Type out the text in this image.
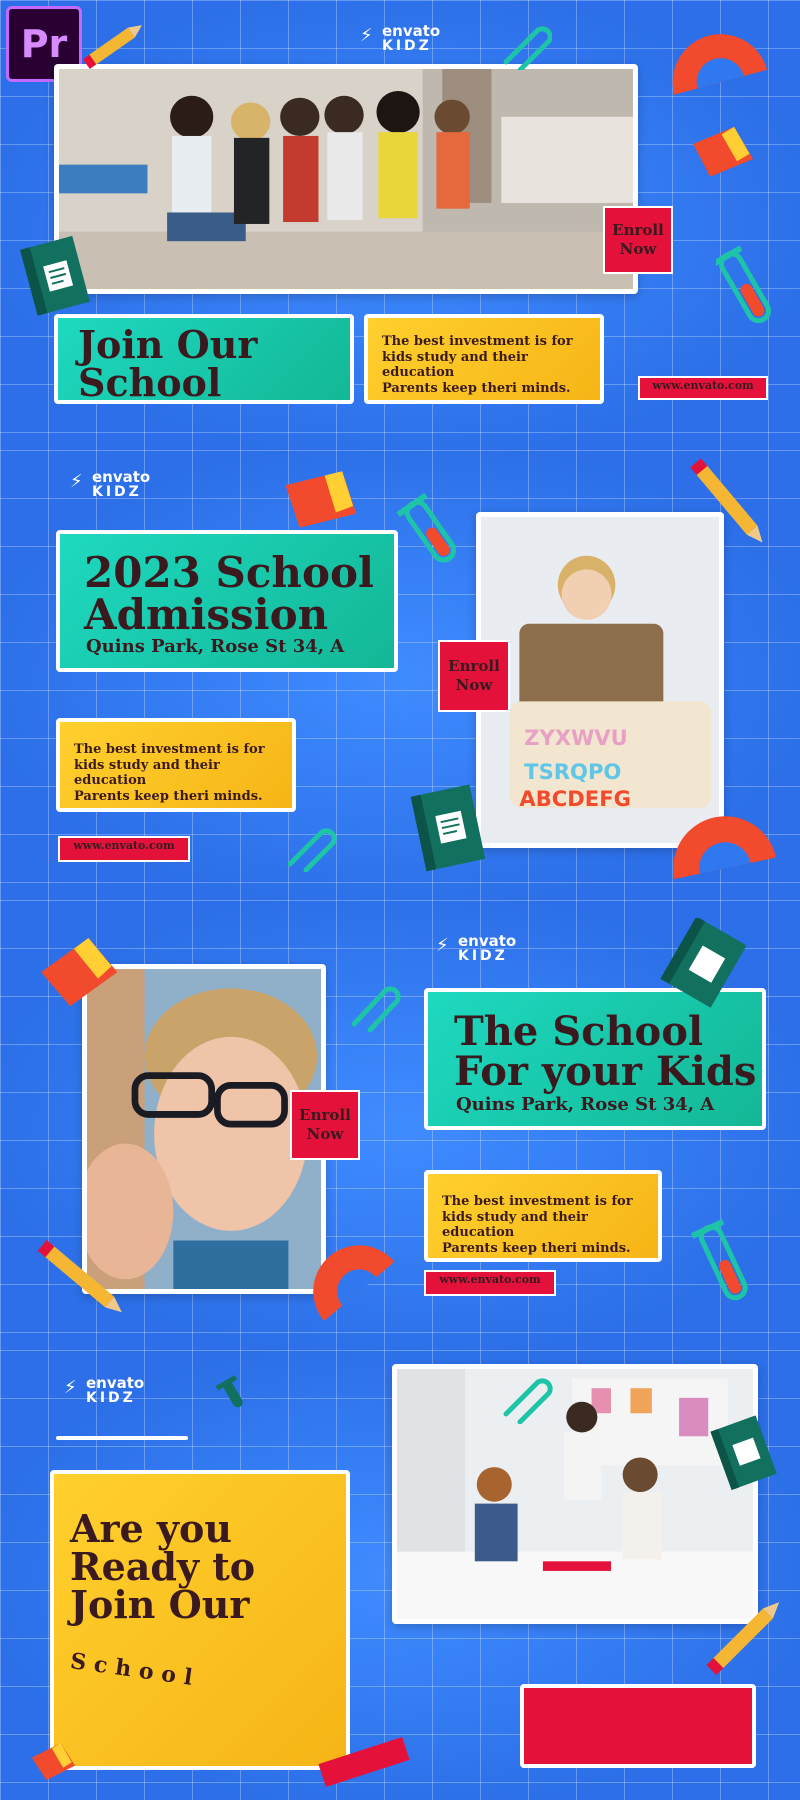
Pr	⚡ envato
KIDZ
Enroll
Now
Join Our
School
The best investment is for
kids study and their education
Parents keep theri minds.	www.envato.com
⚡ envato
KIDZ
2023 School
Admission
Quins Park, Rose St 34, A
The best investment is for
kids study and their education
Parents keep theri minds.
www.envato.com
ZYXWVU
TSRQPO
ABCDEFG
Enroll
Now
⚡ envato
KIDZ
Enroll
Now
The School
For your Kids
Quins Park, Rose St 34, A
The best investment is for
kids study and their education
Parents keep theri minds.
www.envato.com
⚡ envato
KIDZ
Are you
Ready to
Join Our
School
